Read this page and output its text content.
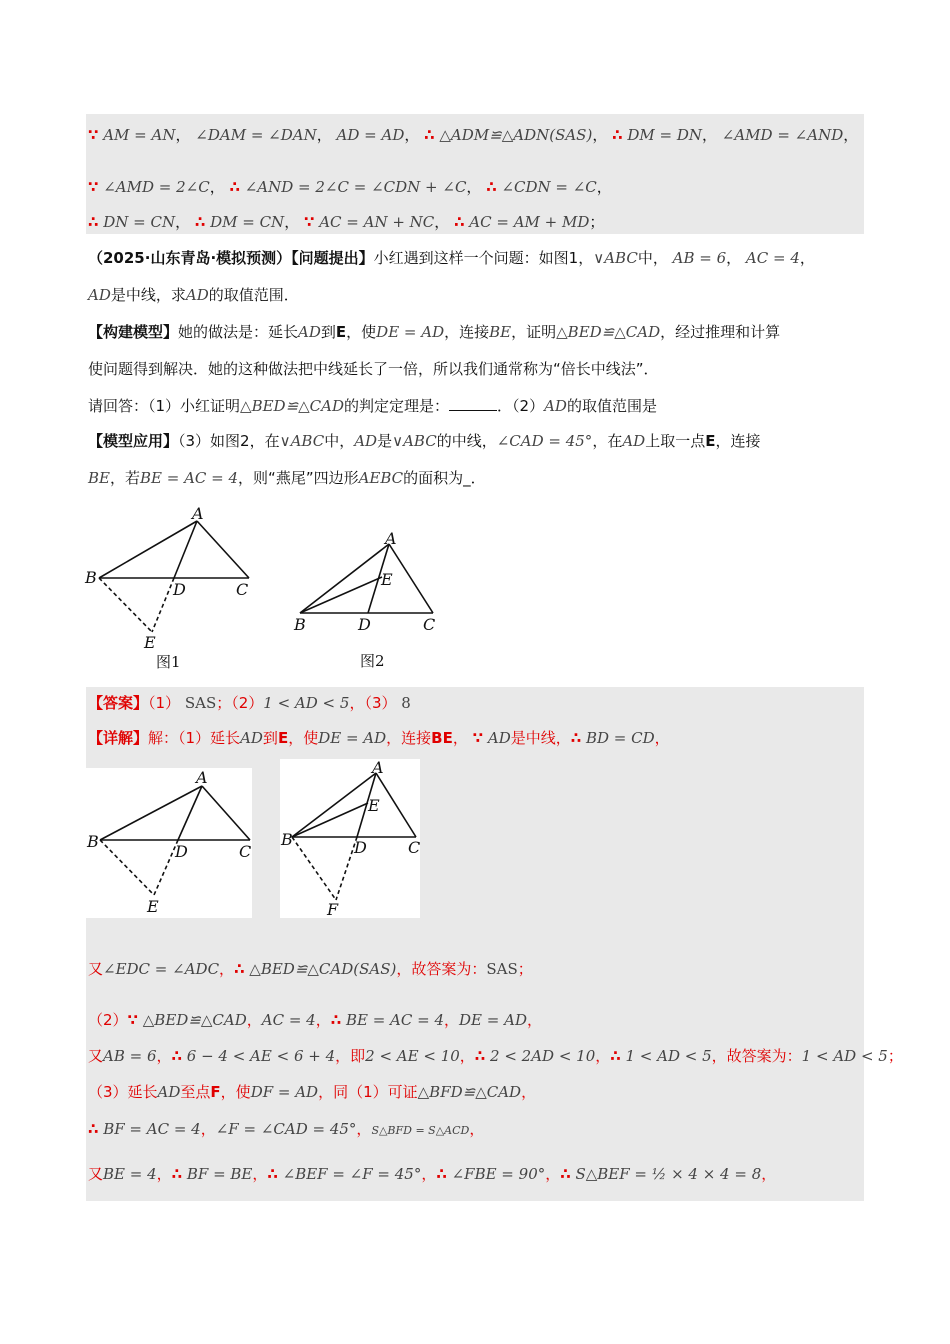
∵ AM = AN， ∠DAM = ∠DAN， AD = AD， ∴ △ADM≌△ADN(SAS)， ∴ DM = DN， ∠AMD = ∠AND，
∵ ∠AMD = 2∠C， ∴ ∠AND = 2∠C = ∠CDN + ∠C， ∴ ∠CDN = ∠C，
∴ DN = CN， ∴ DM = CN， ∵ AC = AN + NC， ∴ AC = AM + MD；
（2025·山东青岛·模拟预测）【问题提出】小红遇到这样一个问题：如图1，∨ABC中， AB = 6， AC = 4，
AD是中线，求AD的取值范围．
【构建模型】她的做法是：延长AD到E，使DE = AD，连接BE，证明△BED≌△CAD，经过推理和计算
使问题得到解决．她的这种做法把中线延长了一倍，所以我们通常称为“倍长中线法”．
请回答：（1）小红证明△BED≌△CAD的判定定理是：	．（2）AD的取值范围是
【模型应用】（3）如图2，在∨ABC中，AD是∨ABC的中线，∠CAD = 45°，在AD上取一点E，连接
BE，若BE = AC = 4，则“燕尾”四边形AEBC的面积为_．
A
B
C
D
E
图1
A
E
B	D	C
图2
【答案】（1） SAS；（2）1 < AD < 5，（3） 8
【详解】解：（1）延长AD到E，使DE = AD，连接BE， ∵ AD是中线，∴ BD = CD，
A
B
C
D
E
A
E
B	D	C
F
又∠EDC = ∠ADC，∴ △BED≌△CAD(SAS)，故答案为：SAS；
（2）∵ △BED≌△CAD，AC = 4，∴ BE = AC = 4，DE = AD，
又AB = 6，∴ 6 − 4 < AE < 6 + 4，即2 < AE < 10，∴ 2 < 2AD < 10，∴ 1 < AD < 5，故答案为：1 < AD < 5；
（3）延长AD至点F，使DF = AD，同（1）可证△BFD≌△CAD，
∴ BF = AC = 4，∠F = ∠CAD = 45°，S△BFD = S△ACD，
又BE = 4，∴ BF = BE，∴ ∠BEF = ∠F = 45°，∴ ∠FBE = 90°，∴ S△BEF = ½ × 4 × 4 = 8，
